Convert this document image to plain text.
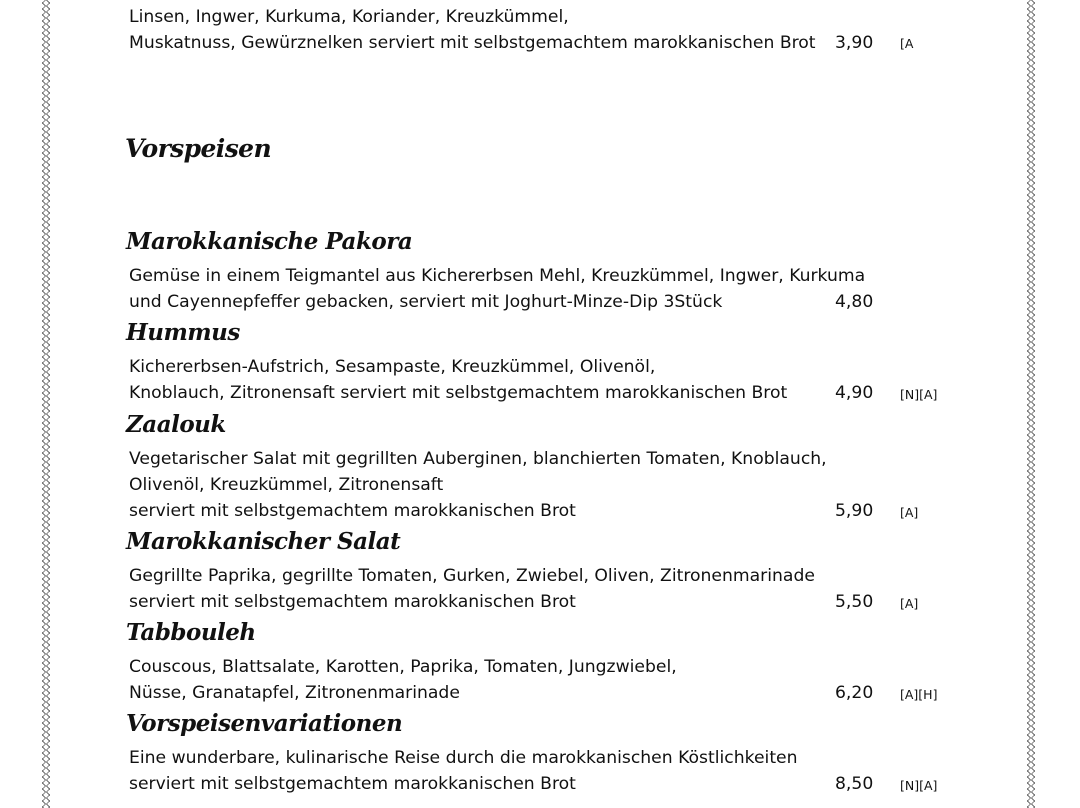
Linsen, Ingwer, Kurkuma, Koriander, Kreuzkümmel,
Muskatnuss, Gewürznelken serviert mit selbstgemachtem marokkanischen Brot 3,90 [A
Vorspeisen
Marokkanische Pakora
Gemüse in einem Teigmantel aus Kichererbsen Mehl, Kreuzkümmel, Ingwer, Kurkuma
und Cayennepfeffer gebacken, serviert mit Joghurt-Minze-Dip 3Stück	4,80
Hummus
Kichererbsen-Aufstrich, Sesampaste, Kreuzkümmel, Olivenöl,
Knoblauch, Zitronensaft serviert mit selbstgemachtem marokkanischen Brot	4,90 [N][A]
Zaalouk
Vegetarischer Salat mit gegrillten Auberginen, blanchierten Tomaten, Knoblauch,
Olivenöl, Kreuzkümmel, Zitronensaft
serviert mit selbstgemachtem marokkanischen Brot	5,90 [A]
Marokkanischer Salat
Gegrillte Paprika, gegrillte Tomaten, Gurken, Zwiebel, Oliven, Zitronenmarinade
serviert mit selbstgemachtem marokkanischen Brot	5,50 [A]
Tabbouleh
Couscous, Blattsalate, Karotten, Paprika, Tomaten, Jungzwiebel,
Nüsse, Granatapfel, Zitronenmarinade	6,20 [A][H]
Vorspeisenvariationen
Eine wunderbare, kulinarische Reise durch die marokkanischen Köstlichkeiten
serviert mit selbstgemachtem marokkanischen Brot	8,50 [N][A]
